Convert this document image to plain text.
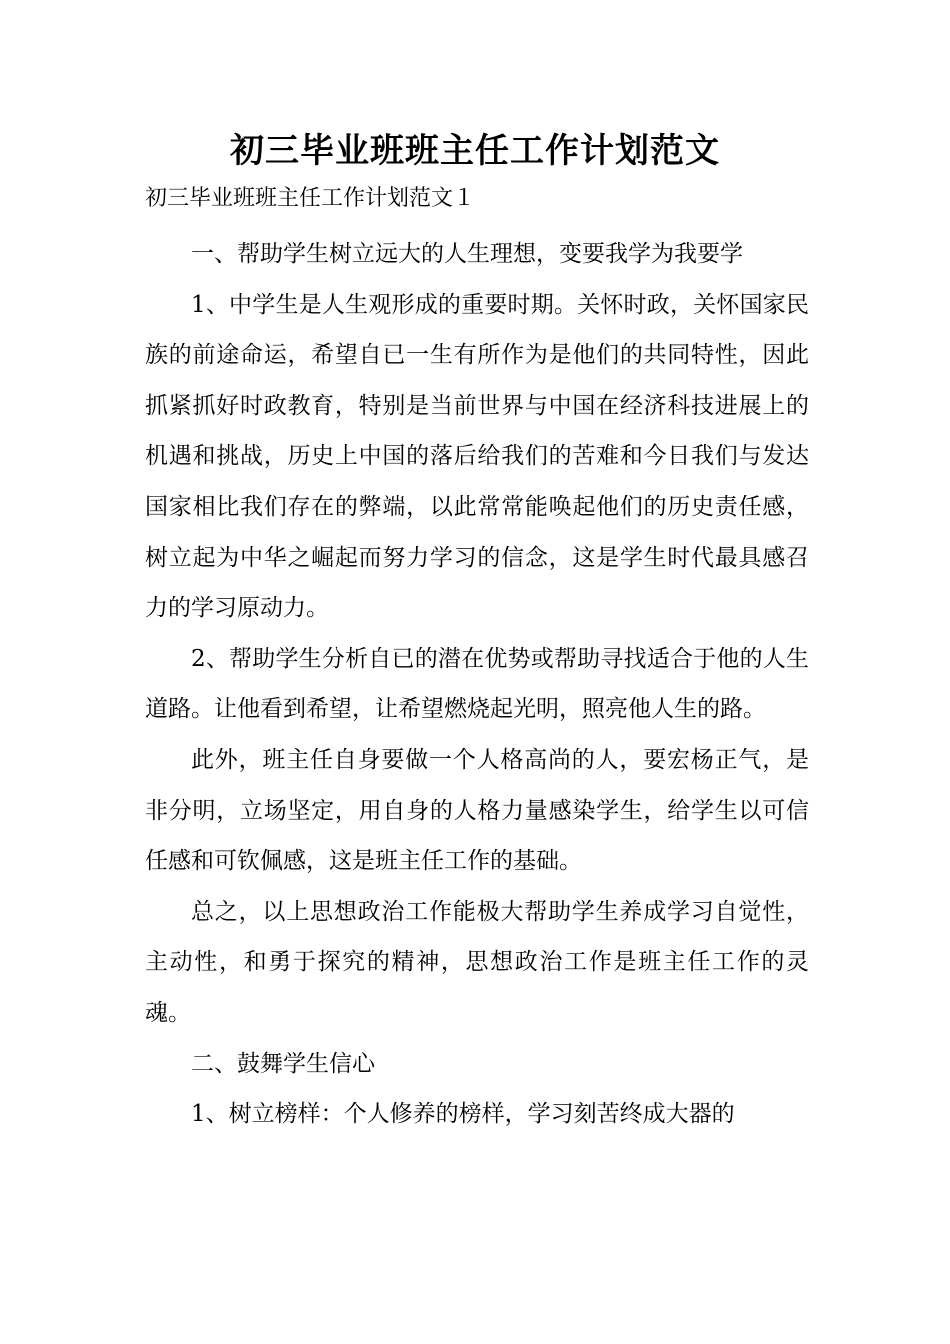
初三毕业班班主任工作计划范文
初三毕业班班主任工作计划范文１

一、帮助学生树立远大的人生理想，变要我学为我要学

1、中学生是人生观形成的重要时期。关怀时政，关怀国家民族的前途命运，希望自已一生有所作为是他们的共同特性，因此抓紧抓好时政教育，特别是当前世界与中国在经济科技进展上的机遇和挑战，历史上中国的落后给我们的苦难和今日我们与发达国家相比我们存在的弊端，以此常常能唤起他们的历史责任感，树立起为中华之崛起而努力学习的信念，这是学生时代最具感召力的学习原动力。

2、帮助学生分析自已的潜在优势或帮助寻找适合于他的人生道路。让他看到希望，让希望燃烧起光明，照亮他人生的路。

此外，班主任自身要做一个人格高尚的人，要宏杨正气，是非分明，立场坚定，用自身的人格力量感染学生，给学生以可信任感和可钦佩感，这是班主任工作的基础。

总之，以上思想政治工作能极大帮助学生养成学习自觉性，主动性，和勇于探究的精神，思想政治工作是班主任工作的灵魂。

二、鼓舞学生信心

1、树立榜样：个人修养的榜样，学习刻苦终成大器的
